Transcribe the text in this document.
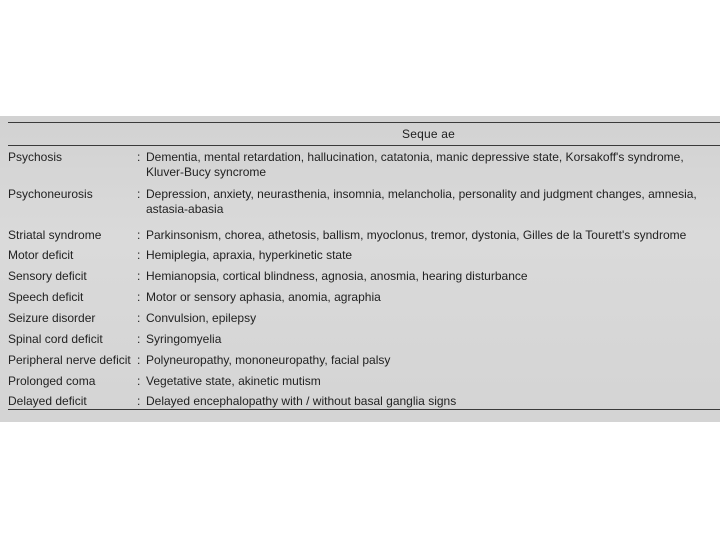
Seque ae
Psychosis	: Dementia, mental retardation, hallucination, catatonia, manic depressive state, Korsakoff's syndrome,
Kluver-Bucy syncrome
Psychoneurosis	: Depression, anxiety, neurasthenia, insomnia, melancholia, personality and judgment changes, amnesia,
astasia-abasia
Striatal syndrome	: Parkinsonism, chorea, athetosis, ballism, myoclonus, tremor, dystonia, Gilles de la Tourett's syndrome
Motor deficit	: Hemiplegia, apraxia, hyperkinetic state
Sensory deficit	: Hemianopsia, cortical blindness, agnosia, anosmia, hearing disturbance
Speech deficit	: Motor or sensory aphasia, anomia, agraphia
Seizure disorder	: Convulsion, epilepsy
Spinal cord deficit	: Syringomyelia
Peripheral nerve deficit : Polyneuropathy, mononeuropathy, facial palsy
Prolonged coma	: Vegetative state, akinetic mutism
Delayed deficit	: Delayed encephalopathy with / without basal ganglia signs
